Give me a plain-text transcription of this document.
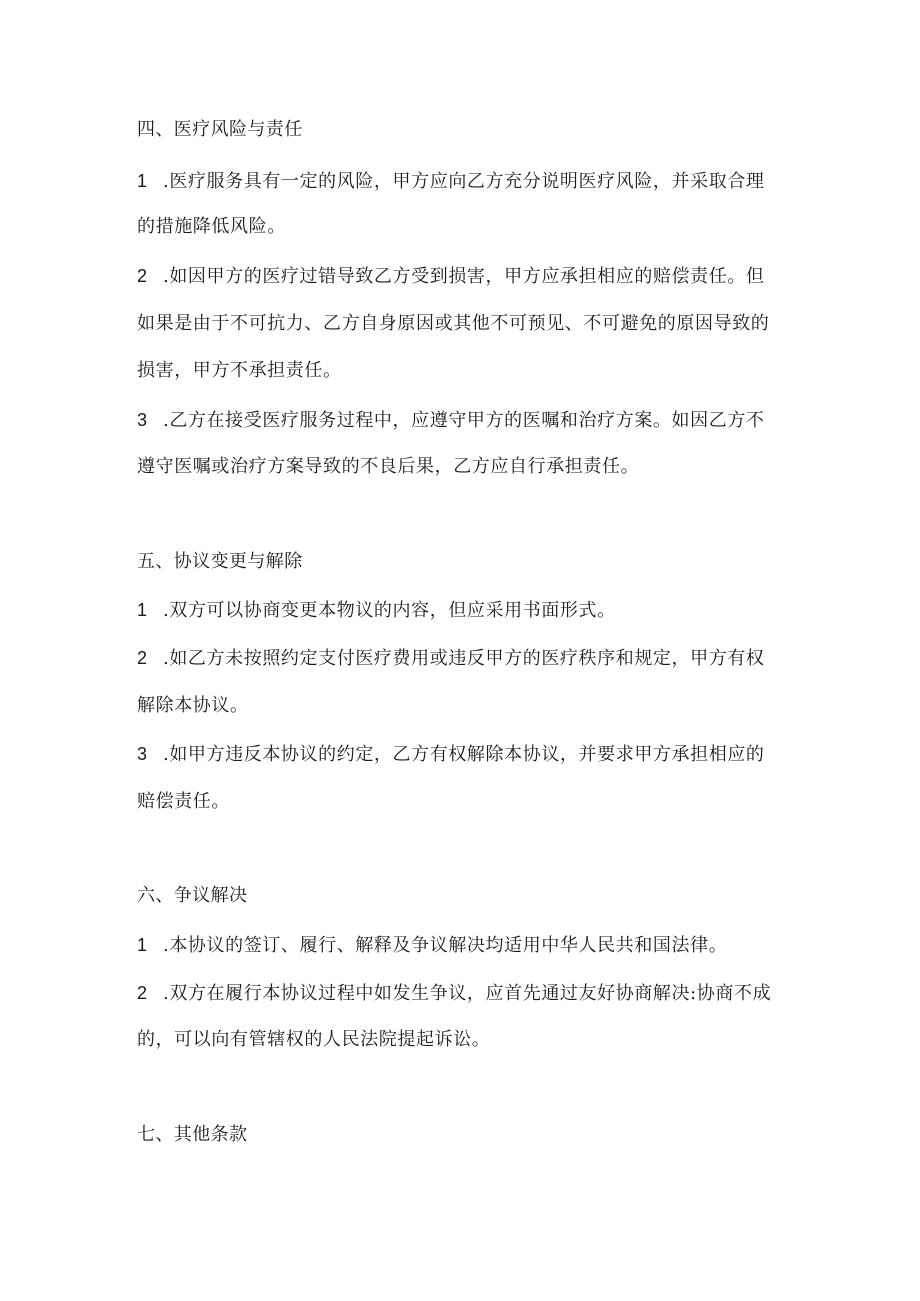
四、医疗风险与责任
1 .医疗服务具有一定的风险，甲方应向乙方充分说明医疗风险，并采取合理
的措施降低风险。
2 .如因甲方的医疗过错导致乙方受到损害，甲方应承担相应的赔偿责任。但
如果是由于不可抗力、乙方自身原因或其他不可预见、不可避免的原因导致的
损害，甲方不承担责任。
3 .乙方在接受医疗服务过程中，应遵守甲方的医嘱和治疗方案。如因乙方不
遵守医嘱或治疗方案导致的不良后果，乙方应自行承担责任。
五、协议变更与解除
1 .双方可以协商变更本物议的内容，但应采用书面形式。
2 .如乙方未按照约定支付医疗费用或违反甲方的医疗秩序和规定，甲方有权
解除本协议。
3 .如甲方违反本协议的约定，乙方有权解除本协议，并要求甲方承担相应的
赔偿责任。
六、争议解决
1 .本协议的签订、履行、解释及争议解决均适用中华人民共和国法律。
2 .双方在履行本协议过程中如发生争议，应首先通过友好协商解决:协商不成
的，可以向有管辖权的人民法院提起诉讼。
七、其他条款
